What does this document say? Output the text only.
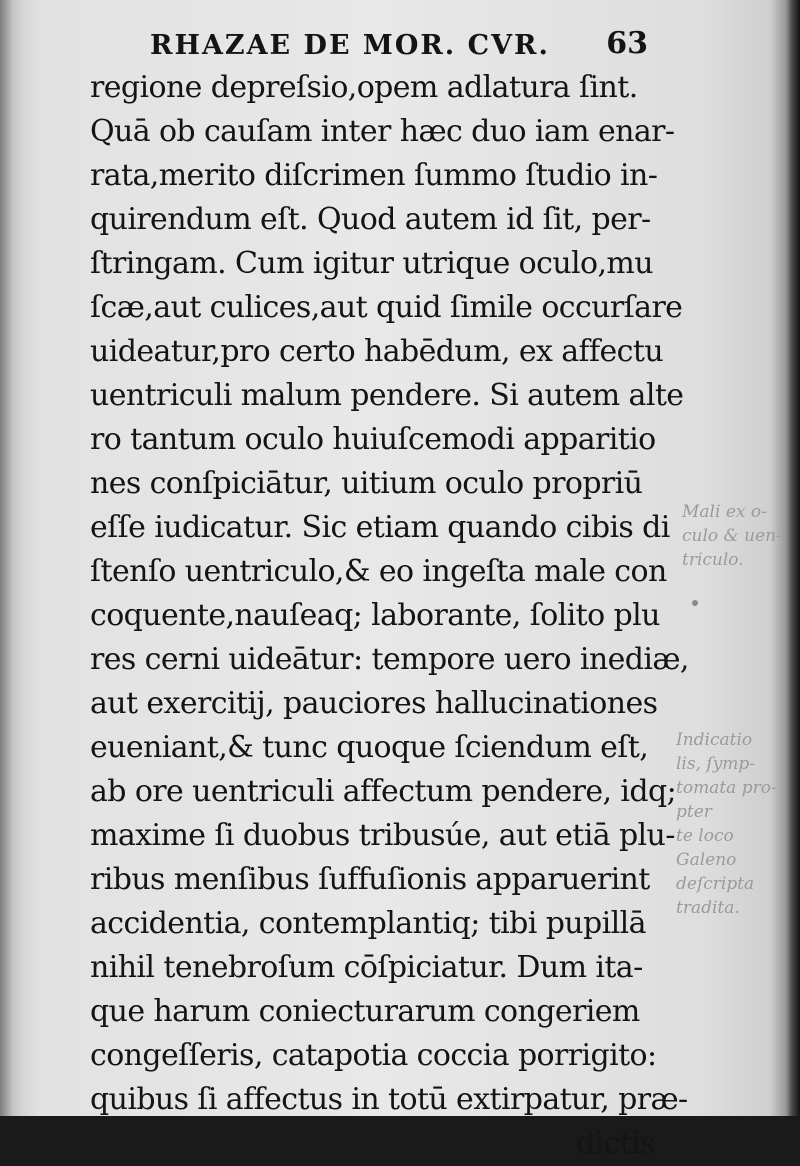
RHAZAE DE MOR. CVR. 63
regione depreſsio,opem adlatura ſint.
Quā ob cauſam inter hæc duo iam enar-
rata,merito diſcrimen ſummo ſtudio in-
quirendum eſt. Quod autem id ſit, per-
ſtringam. Cum igitur utrique oculo,mu
ſcæ,aut culices,aut quid ſimile occurſare
uideatur,pro certo habēdum, ex affectu
uentriculi malum pendere. Si autem alte
ro tantum oculo huiuſcemodi apparitio
nes conſpiciātur, uitium oculo propriū
eſſe iudicatur. Sic etiam quando cibis di
ſtenſo uentriculo,& eo ingeſta male con
coquente,nauſeaq; laborante, ſolito plu
res cerni uideātur: tempore uero inediæ,
aut exercitij, pauciores hallucinationes
eueniant,& tunc quoque ſciendum eſt,
ab ore uentriculi affectum pendere, idq;
maxime ſi duobus tribusúe, aut etiā plu-
ribus menſibus ſuffuſionis apparuerint
accidentia, contemplantiq; tibi pupillā
nihil tenebroſum cōſpiciatur. Dum ita-
que harum coniecturarum congeriem
congeſſeris, catapotia coccia porrigito:
quibus ſi affectus in totū extirpatur, præ-
dictis
Mali ex o-
culo & uen-
triculo.
Indicatio
lis, ſymp-
tomata pro-
pter
te loco
Galeno
deſcripta
tradita.
